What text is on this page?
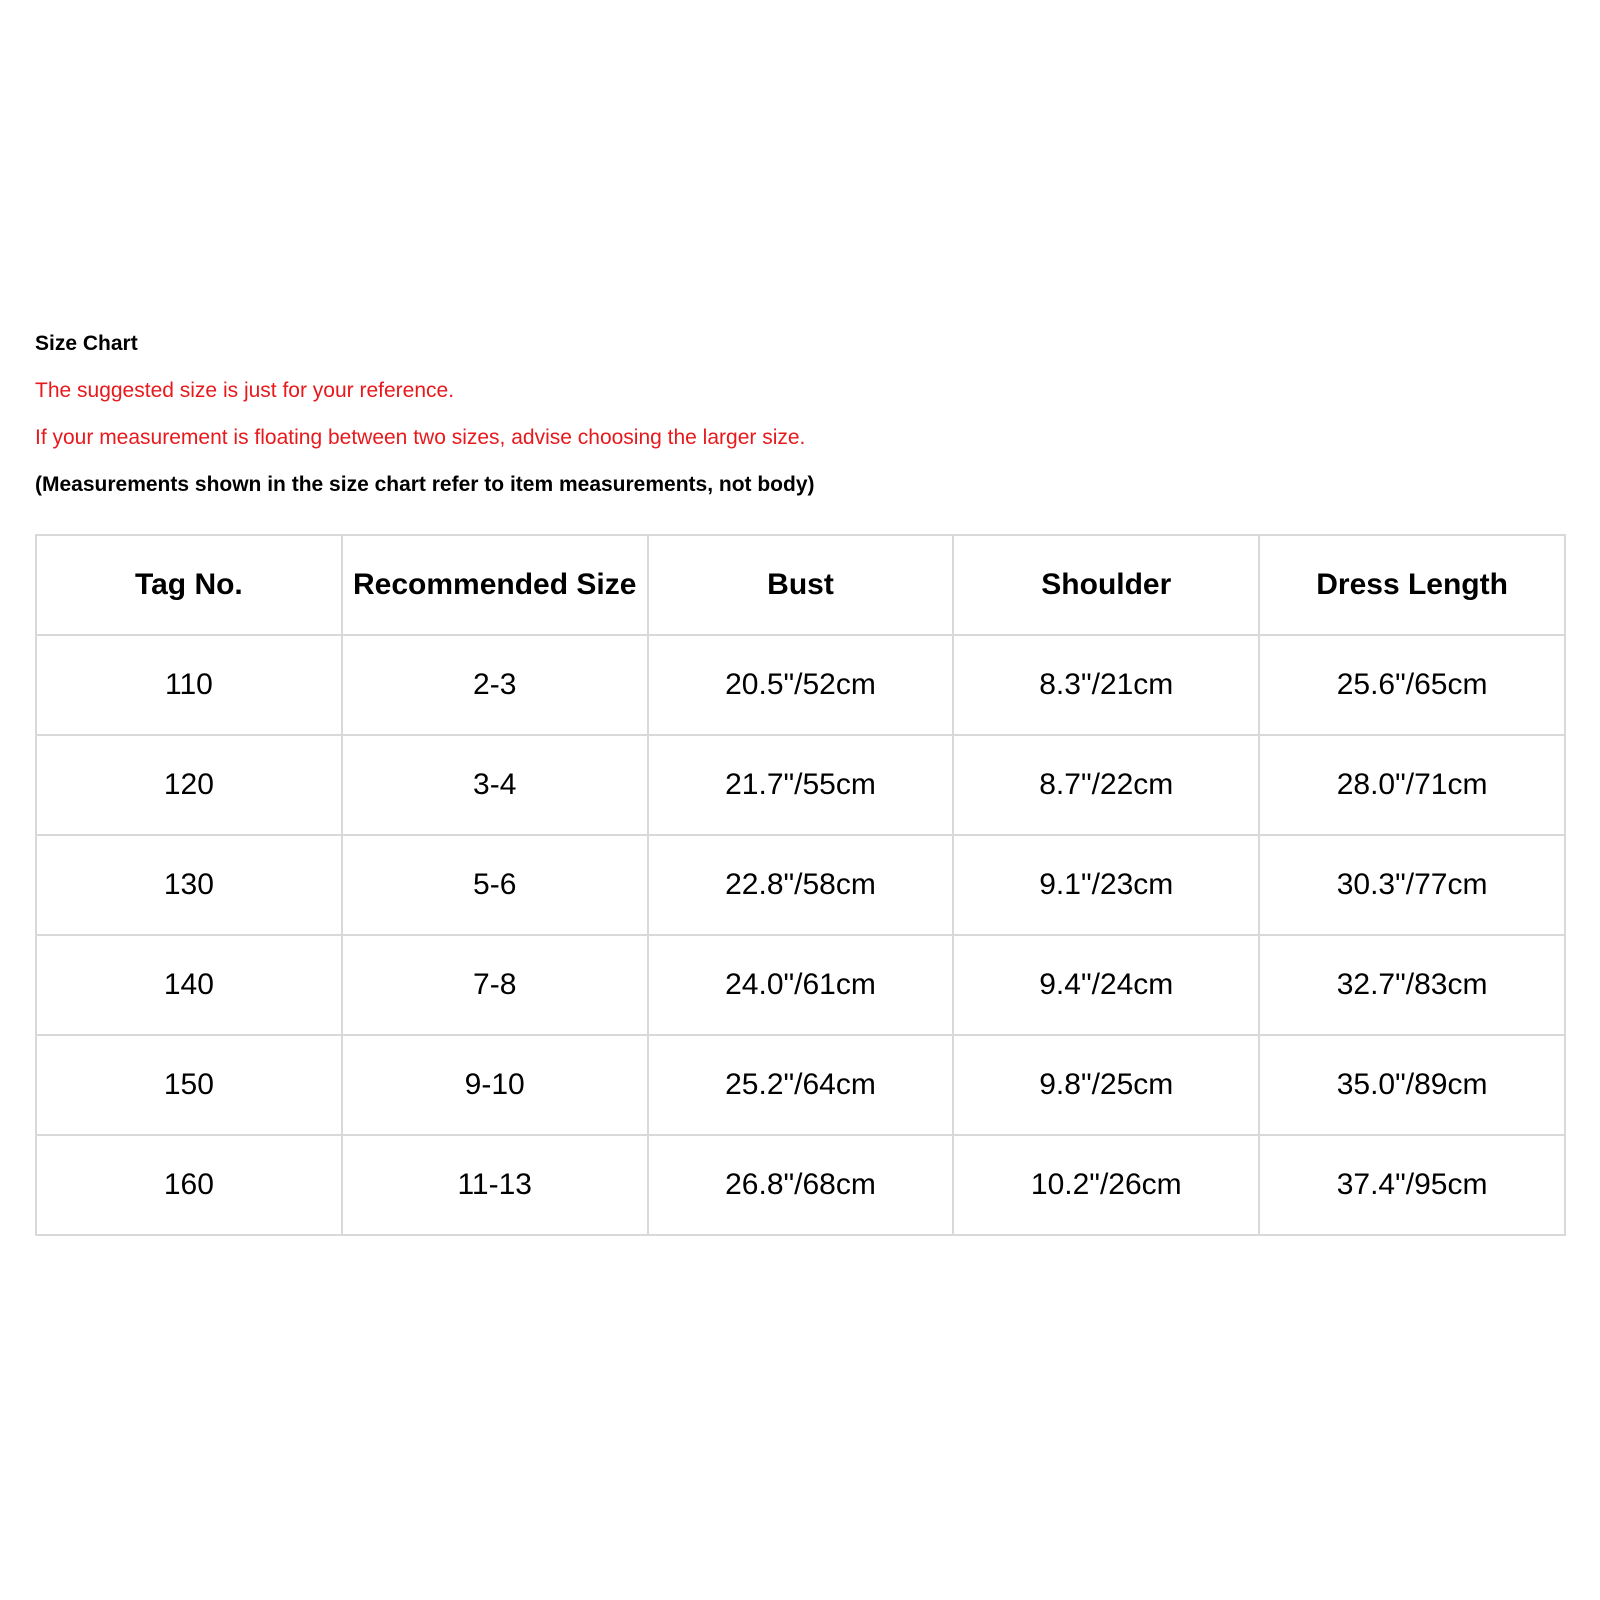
Size Chart

The suggested size is just for your reference.

If your measurement is floating between two sizes, advise choosing the larger size.

(Measurements shown in the size chart refer to item measurements, not body)

Tag No.	Recommended Size	Bust	Shoulder	Dress Length
110	2-3	20.5"/52cm	8.3"/21cm	25.6"/65cm
120	3-4	21.7"/55cm	8.7"/22cm	28.0"/71cm
130	5-6	22.8"/58cm	9.1"/23cm	30.3"/77cm
140	7-8	24.0"/61cm	9.4"/24cm	32.7"/83cm
150	9-10	25.2"/64cm	9.8"/25cm	35.0"/89cm
160	11-13	26.8"/68cm	10.2"/26cm	37.4"/95cm
